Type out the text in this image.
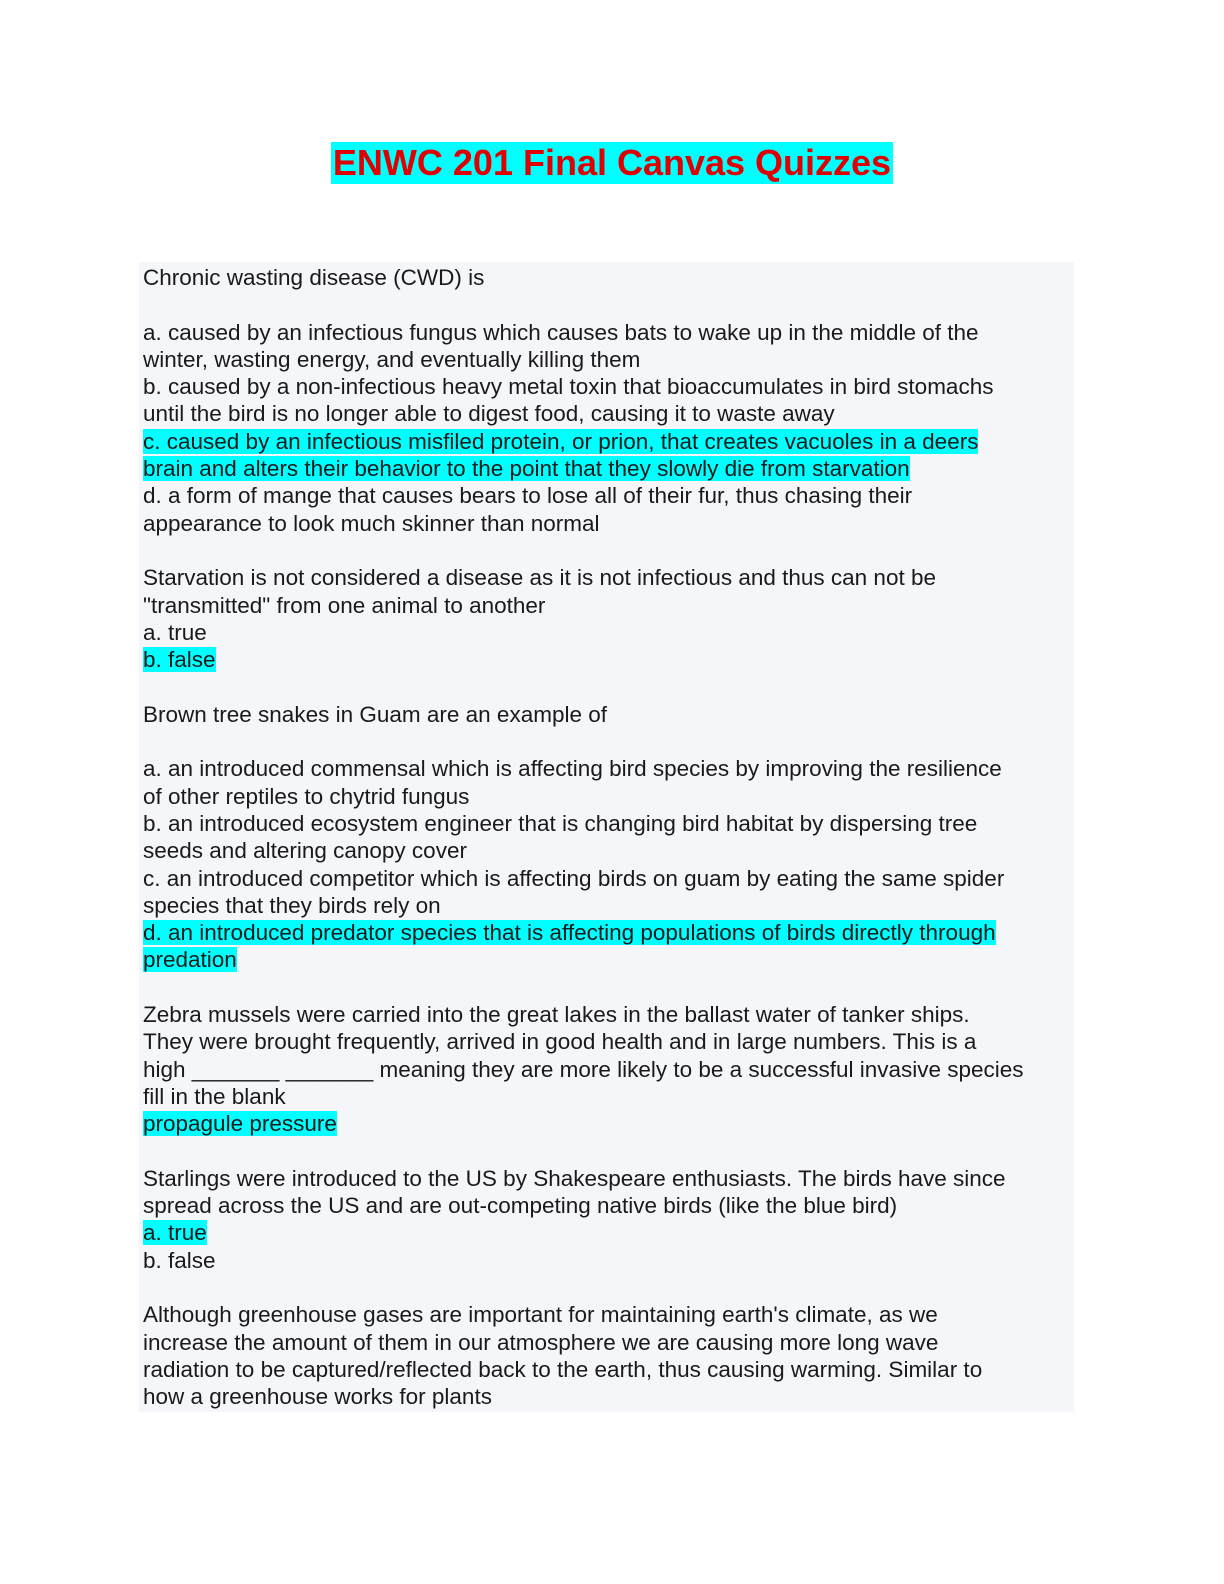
ENWC 201 Final Canvas Quizzes
Chronic wasting disease (CWD) is
a. caused by an infectious fungus which causes bats to wake up in the middle of the
winter, wasting energy, and eventually killing them
b. caused by a non-infectious heavy metal toxin that bioaccumulates in bird stomachs
until the bird is no longer able to digest food, causing it to waste away
c. caused by an infectious misfiled protein, or prion, that creates vacuoles in a deers
brain and alters their behavior to the point that they slowly die from starvation
d. a form of mange that causes bears to lose all of their fur, thus chasing their
appearance to look much skinner than normal
Starvation is not considered a disease as it is not infectious and thus can not be
"transmitted" from one animal to another
a. true
b. false
Brown tree snakes in Guam are an example of
a. an introduced commensal which is affecting bird species by improving the resilience
of other reptiles to chytrid fungus
b. an introduced ecosystem engineer that is changing bird habitat by dispersing tree
seeds and altering canopy cover
c. an introduced competitor which is affecting birds on guam by eating the same spider
species that they birds rely on
d. an introduced predator species that is affecting populations of birds directly through
predation
Zebra mussels were carried into the great lakes in the ballast water of tanker ships.
They were brought frequently, arrived in good health and in large numbers. This is a
high _______ _______ meaning they are more likely to be a successful invasive species
fill in the blank
propagule pressure
Starlings were introduced to the US by Shakespeare enthusiasts. The birds have since
spread across the US and are out-competing native birds (like the blue bird)
a. true
b. false
Although greenhouse gases are important for maintaining earth's climate, as we
increase the amount of them in our atmosphere we are causing more long wave
radiation to be captured/reflected back to the earth, thus causing warming. Similar to
how a greenhouse works for plants
